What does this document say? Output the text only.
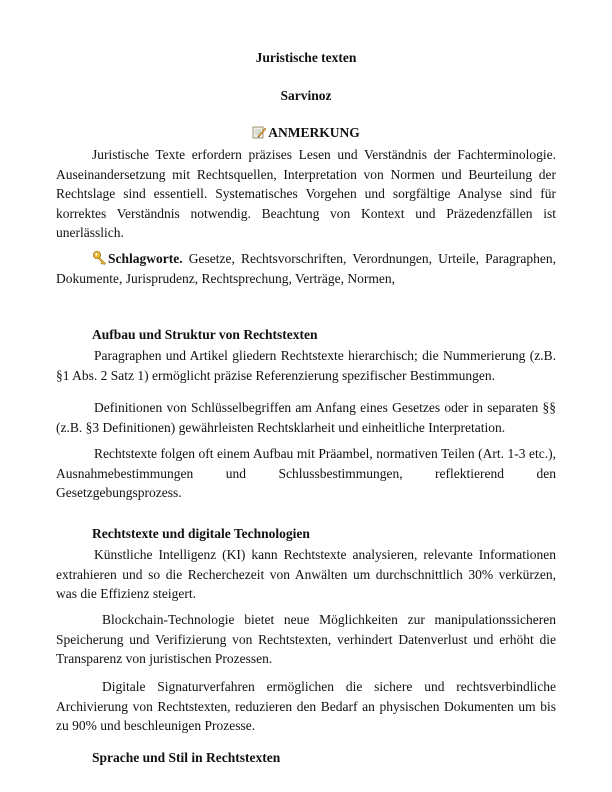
Juristische texten
Sarvinoz
ANMERKUNG
Juristische Texte erfordern präzises Lesen und Verständnis der Fachterminologie. Auseinandersetzung mit Rechtsquellen, Interpretation von Normen und Beurteilung der Rechtslage sind essentiell. Systematisches Vorgehen und sorgfältige Analyse sind für korrektes Verständnis notwendig. Beachtung von Kontext und Präzedenzfällen ist unerlässlich.
Schlagworte. Gesetze, Rechtsvorschriften, Verordnungen, Urteile, Paragraphen, Dokumente, Jurisprudenz, Rechtsprechung, Verträge, Normen,
Aufbau und Struktur von Rechtstexten
Paragraphen und Artikel gliedern Rechtstexte hierarchisch; die Nummerierung (z.B. §1 Abs. 2 Satz 1) ermöglicht präzise Referenzierung spezifischer Bestimmungen.
Definitionen von Schlüsselbegriffen am Anfang eines Gesetzes oder in separaten §§ (z.B. §3 Definitionen) gewährleisten Rechtsklarheit und einheitliche Interpretation.
Rechtstexte folgen oft einem Aufbau mit Präambel, normativen Teilen (Art. 1-3 etc.), Ausnahmebestimmungen und Schlussbestimmungen, reflektierend den Gesetzgebungsprozess.
Rechtstexte und digitale Technologien
Künstliche Intelligenz (KI) kann Rechtstexte analysieren, relevante Informationen extrahieren und so die Recherchezeit von Anwälten um durchschnittlich 30% verkürzen, was die Effizienz steigert.
Blockchain-Technologie bietet neue Möglichkeiten zur manipulationssicheren Speicherung und Verifizierung von Rechtstexten, verhindert Datenverlust und erhöht die Transparenz von juristischen Prozessen.
Digitale Signaturverfahren ermöglichen die sichere und rechtsverbindliche Archivierung von Rechtstexten, reduzieren den Bedarf an physischen Dokumenten um bis zu 90% und beschleunigen Prozesse.
Sprache und Stil in Rechtstexten
